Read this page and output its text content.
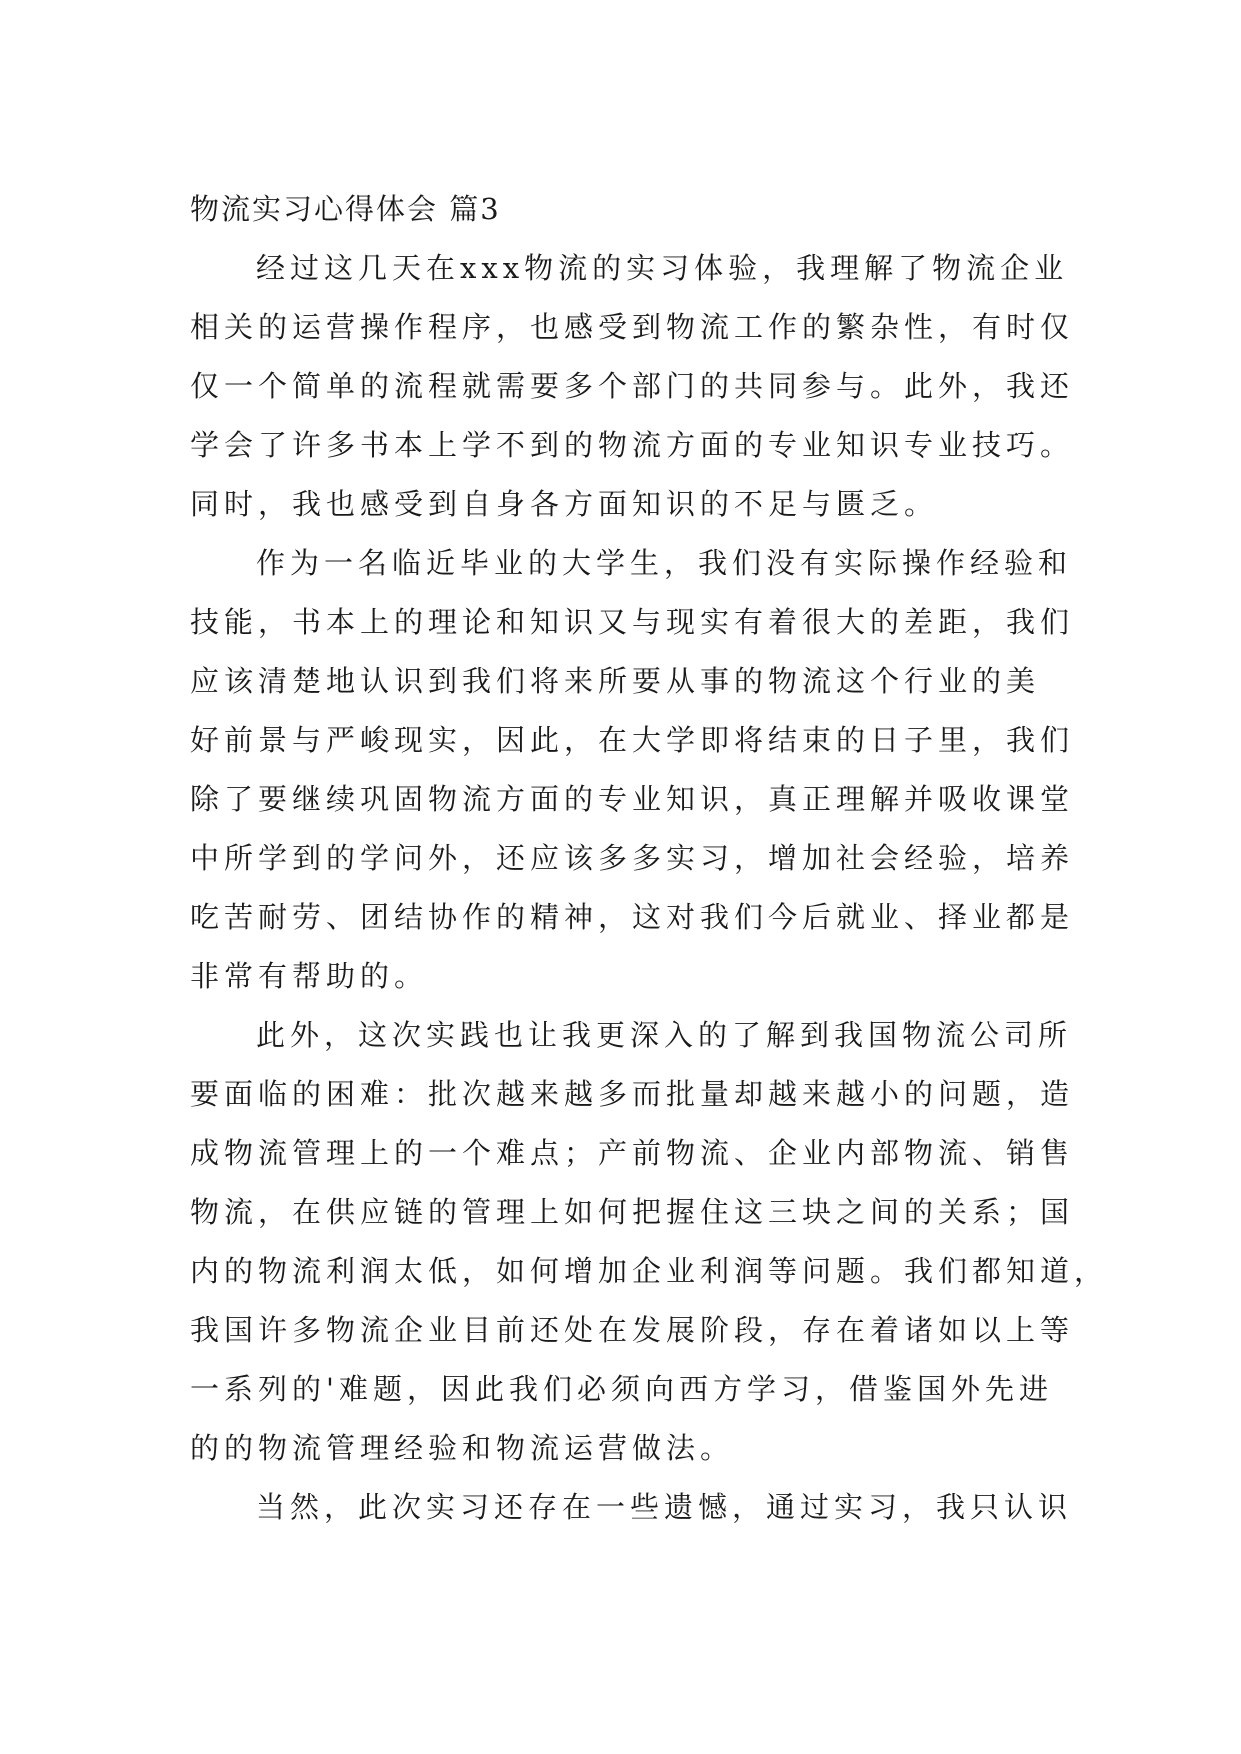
物流实习心得体会 篇3
经过这几天在xxx物流的实习体验，我理解了物流企业
相关的运营操作程序，也感受到物流工作的繁杂性，有时仅
仅一个简单的流程就需要多个部门的共同参与。此外，我还
学会了许多书本上学不到的物流方面的专业知识专业技巧。
同时，我也感受到自身各方面知识的不足与匮乏。
作为一名临近毕业的大学生，我们没有实际操作经验和
技能，书本上的理论和知识又与现实有着很大的差距，我们
应该清楚地认识到我们将来所要从事的物流这个行业的美
好前景与严峻现实，因此，在大学即将结束的日子里，我们
除了要继续巩固物流方面的专业知识，真正理解并吸收课堂
中所学到的学问外，还应该多多实习，增加社会经验，培养
吃苦耐劳、团结协作的精神，这对我们今后就业、择业都是
非常有帮助的。
此外，这次实践也让我更深入的了解到我国物流公司所
要面临的困难：批次越来越多而批量却越来越小的问题，造
成物流管理上的一个难点；产前物流、企业内部物流、销售
物流，在供应链的管理上如何把握住这三块之间的关系；国
内的物流利润太低，如何增加企业利润等问题。我们都知道，
我国许多物流企业目前还处在发展阶段，存在着诸如以上等
一系列的'难题，因此我们必须向西方学习，借鉴国外先进
的的物流管理经验和物流运营做法。
当然，此次实习还存在一些遗憾，通过实习，我只认识
